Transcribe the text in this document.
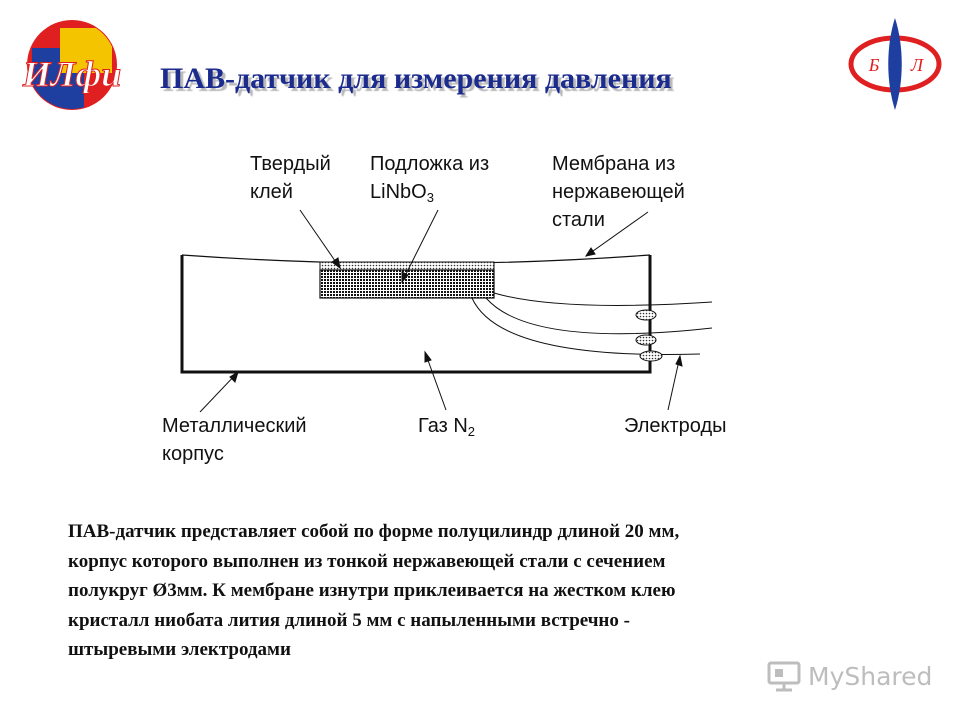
ИЛфи	Б Л
ПАВ-датчик для измерения давления
Твердый
клей
Подложка из
LiNbO$_3$
Мембрана из
нержавеющей
стали
Металлический
корпус
Газ $N_2$	Электроды
ПАВ-датчик представляет собой по форме полуцилиндр длиной 20 мм,
корпус которого выполнен из тонкой нержавеющей стали с сечением
полукруг Ø3мм. К мембране изнутри приклеивается на жестком клею
кристалл ниобата лития длиной 5 мм с напыленными встречно -
штыревыми электродами
MyShared
